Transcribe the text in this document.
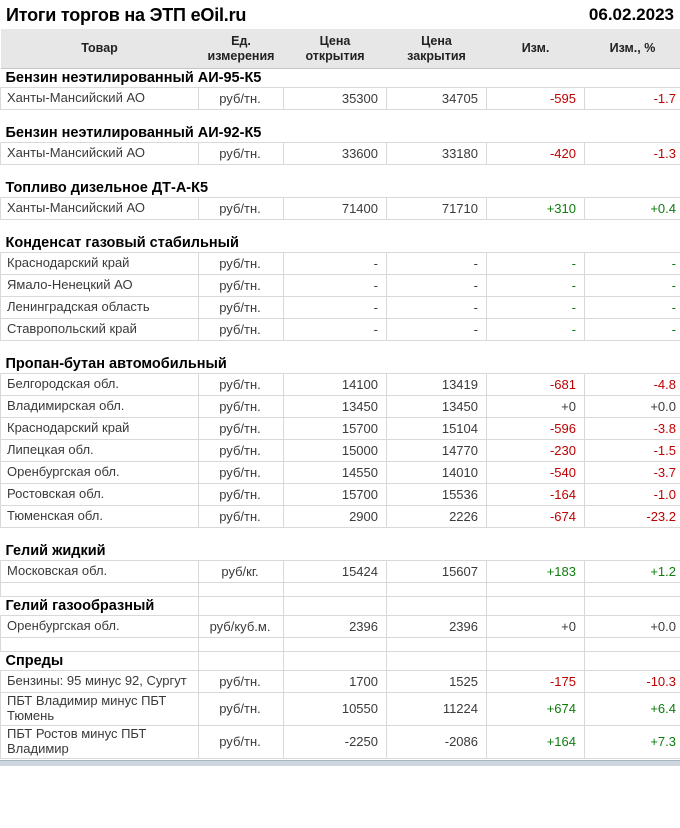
Итоги торгов на ЭТП eOil.ru	06.02.2023
Товар	Ед. измерения	Цена открытия	Цена закрытия	Изм.	Изм., %
Бензин неэтилированный АИ-95-К5					
Ханты-Мансийский АО	руб/тн.	35300	34705	-595	-1.7

Бензин неэтилированный АИ-92-К5					
Ханты-Мансийский АО	руб/тн.	33600	33180	-420	-1.3

Топливо дизельное ДТ-А-К5					
Ханты-Мансийский АО	руб/тн.	71400	71710	+310	+0.4

Конденсат газовый стабильный					
Краснодарский край	руб/тн.	-	-	-	-
Ямало-Ненецкий АО	руб/тн.	-	-	-	-
Ленинградская область	руб/тн.	-	-	-	-
Ставропольский край	руб/тн.	-	-	-	-

Пропан-бутан автомобильный					
Белгородская обл.	руб/тн.	14100	13419	-681	-4.8
Владимирская обл.	руб/тн.	13450	13450	+0	+0.0
Краснодарский край	руб/тн.	15700	15104	-596	-3.8
Липецкая обл.	руб/тн.	15000	14770	-230	-1.5
Оренбургская обл.	руб/тн.	14550	14010	-540	-3.7
Ростовская обл.	руб/тн.	15700	15536	-164	-1.0
Тюменская обл.	руб/тн.	2900	2226	-674	-23.2

Гелий жидкий					
Московская обл.	руб/кг.	15424	15607	+183	+1.2

Гелий газообразный					
Оренбургская обл.	руб/куб.м.	2396	2396	+0	+0.0

Спреды					
Бензины: 95 минус 92, Сургут	руб/тн.	1700	1525	-175	-10.3
ПБТ Владимир минус ПБТ Тюмень	руб/тн.	10550	11224	+674	+6.4
ПБТ Ростов минус ПБТ Владимир	руб/тн.	-2250	-2086	+164	+7.3
